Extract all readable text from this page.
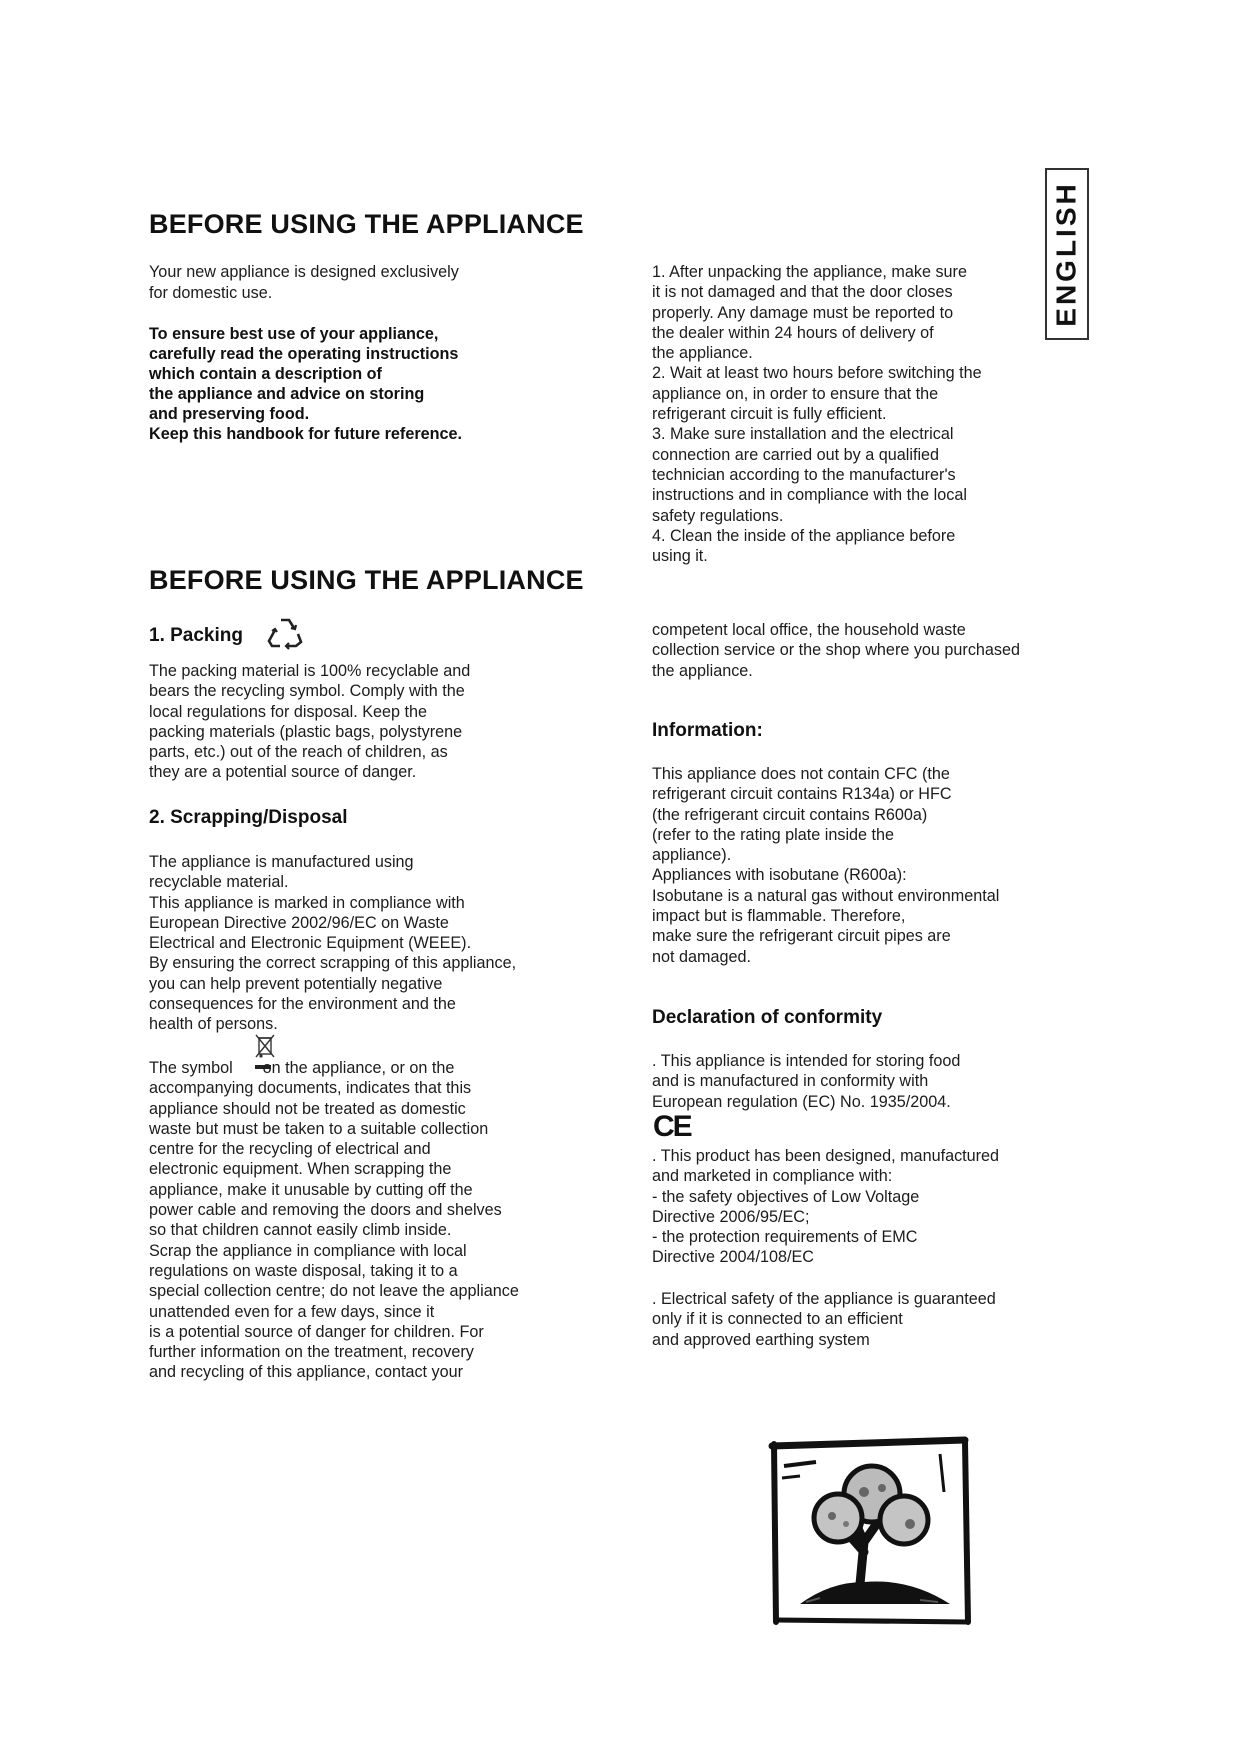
ENGLISH
BEFORE USING THE APPLIANCE

Your new appliance is designed exclusively

for domestic use.

To ensure best use of your appliance,

carefully read the operating instructions

which contain a description of

the appliance and advice on storing

and preserving food.

Keep this handbook for future reference.

1. After unpacking the appliance, make sure

it is not damaged and that the door closes

properly. Any damage must be reported to

the dealer within 24 hours of delivery of

the appliance.

2. Wait at least two hours before switching the

appliance on, in order to ensure that the

refrigerant circuit is fully efficient.

3. Make sure installation and the electrical

connection are carried out by a qualified

technician according to the manufacturer's

instructions and in compliance with the local

safety regulations.

4. Clean the inside of the appliance before

using it.

BEFORE USING THE APPLIANCE
1. Packing

The packing material is 100% recyclable and

bears the recycling symbol. Comply with the

local regulations for disposal. Keep the

packing materials (plastic bags, polystyrene

parts, etc.) out of the reach of children, as

they are a potential source of danger.

2. Scrapping/Disposal

The appliance is manufactured using

recyclable material.

This appliance is marked in compliance with

European Directive 2002/96/EC on Waste

Electrical and Electronic Equipment (WEEE).

By ensuring the correct scrapping of this appliance,

you can help prevent potentially negative

consequences for the environment and the

health of persons.

The symbol on the appliance, or on the

accompanying documents, indicates that this

appliance should not be treated as domestic

waste but must be taken to a suitable collection

centre for the recycling of electrical and

electronic equipment. When scrapping the

appliance, make it unusable by cutting off the

power cable and removing the doors and shelves

so that children cannot easily climb inside.

Scrap the appliance in compliance with local

regulations on waste disposal, taking it to a

special collection centre; do not leave the appliance

unattended even for a few days, since it

is a potential source of danger for children. For

further information on the treatment, recovery

and recycling of this appliance, contact your

competent local office, the household waste

collection service or the shop where you purchased

the appliance.

Information:

This appliance does not contain CFC (the

refrigerant circuit contains R134a) or HFC

(the refrigerant circuit contains R600a)

(refer to the rating plate inside the

appliance).

Appliances with isobutane (R600a):

Isobutane is a natural gas without environmental

impact but is flammable. Therefore,

make sure the refrigerant circuit pipes are

not damaged.

Declaration of conformity

. This appliance is intended for storing food

and is manufactured in conformity with

European regulation (EC) No. 1935/2004.

CE

. This product has been designed, manufactured

and marketed in compliance with:

- the safety objectives of Low Voltage

Directive 2006/95/EC;

- the protection requirements of EMC

Directive 2004/108/EC

. Electrical safety of the appliance is guaranteed

only if it is connected to an efficient

and approved earthing system
